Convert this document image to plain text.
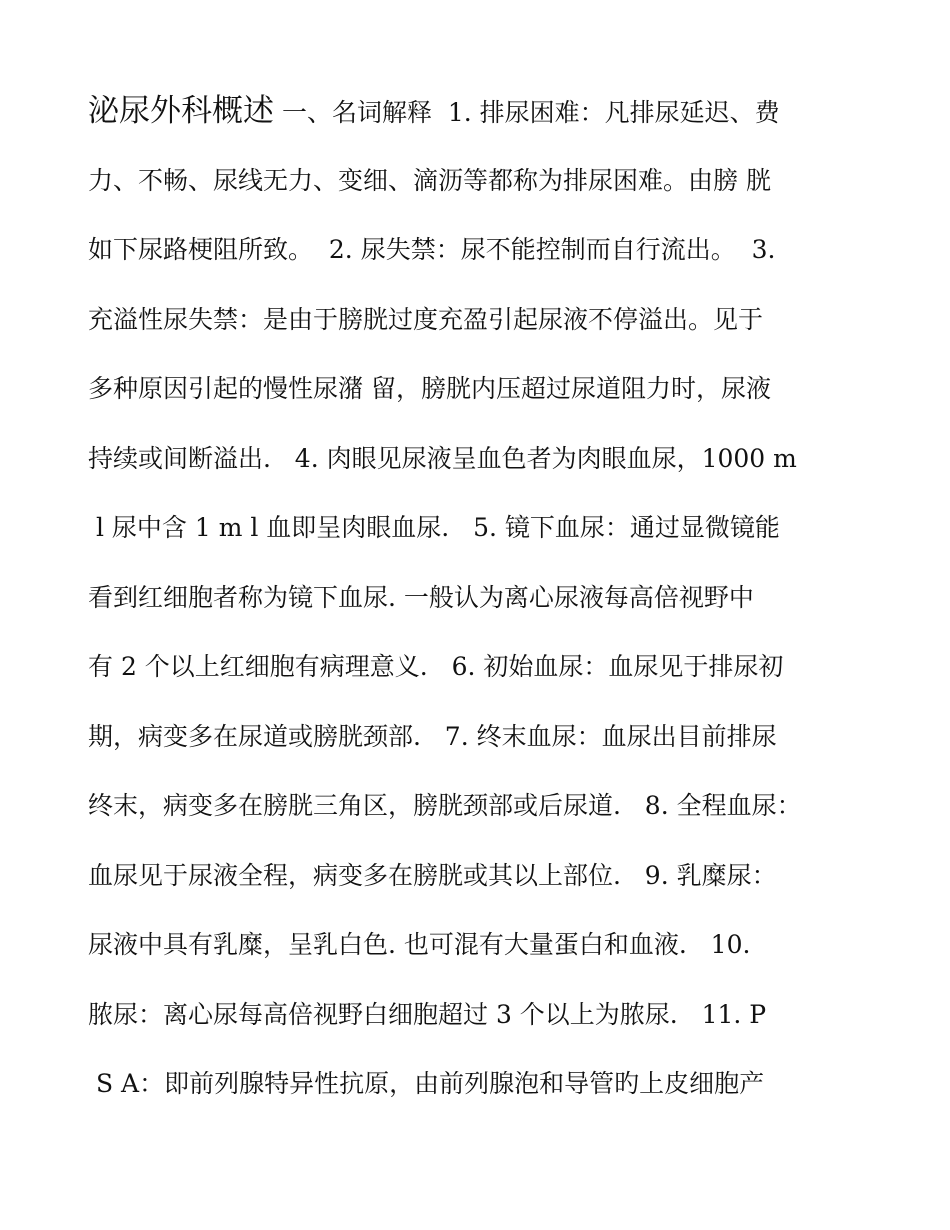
泌尿外科概述 一、名词解释  1. 排尿困难：凡排尿延迟、费
力、不畅、尿线无力、变细、滴沥等都称为排尿困难。由膀 胱
如下尿路梗阻所致。  2. 尿失禁：尿不能控制而自行流出。  3.
充溢性尿失禁：是由于膀胱过度充盈引起尿液不停溢出。见于
多种原因引起的慢性尿潴 留，膀胱内压超过尿道阻力时，尿液
持续或间断溢出.   4. 肉眼见尿液呈血色者为肉眼血尿，1000 m
l 尿中含 1 m l 血即呈肉眼血尿.   5. 镜下血尿：通过显微镜能
看到红细胞者称为镜下血尿. 一般认为离心尿液每高倍视野中
有 2 个以上红细胞有病理意义.   6. 初始血尿：血尿见于排尿初
期，病变多在尿道或膀胱颈部.   7. 终末血尿：血尿出目前排尿
终末，病变多在膀胱三角区，膀胱颈部或后尿道.   8. 全程血尿：
血尿见于尿液全程，病变多在膀胱或其以上部位.   9. 乳糜尿：
尿液中具有乳糜，呈乳白色. 也可混有大量蛋白和血液.   10.
脓尿：离心尿每高倍视野白细胞超过 3 个以上为脓尿.   11. P
S A：即前列腺特异性抗原，由前列腺泡和导管旳上皮细胞产
